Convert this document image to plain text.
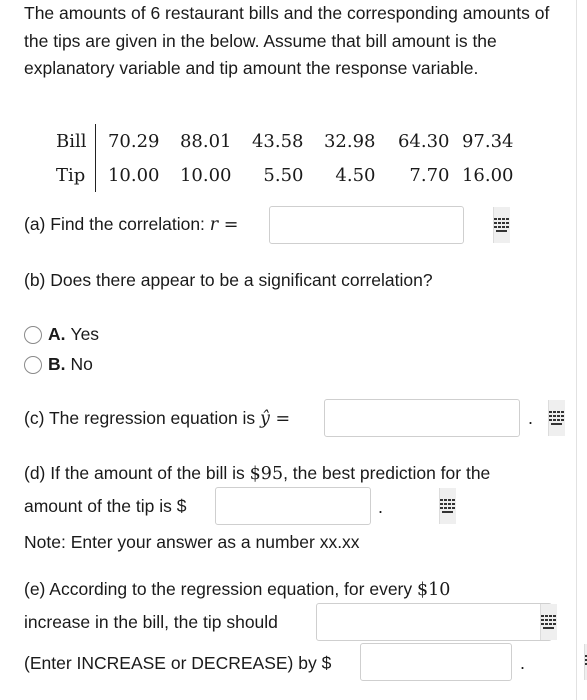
The amounts of 6 restaurant bills and the corresponding amounts of the tips are given in the below. Assume that bill amount is the explanatory variable and tip amount the response variable.
Bill	70.29	88.01	43.58	32.98	64.30	97.34
Tip	10.00	10.00	5.50	4.50	7.70	16.00
(a) Find the correlation: r =
(b) Does there appear to be a significant correlation?
A. Yes
B. No
(c) The regression equation is ŷ =	.
(d) If the amount of the bill is $95, the best prediction for the
amount of the tip is $	.
Note: Enter your answer as a number xx.xx
(e) According to the regression equation, for every $10
increase in the bill, the tip should
(Enter INCREASE or DECREASE) by $	.
